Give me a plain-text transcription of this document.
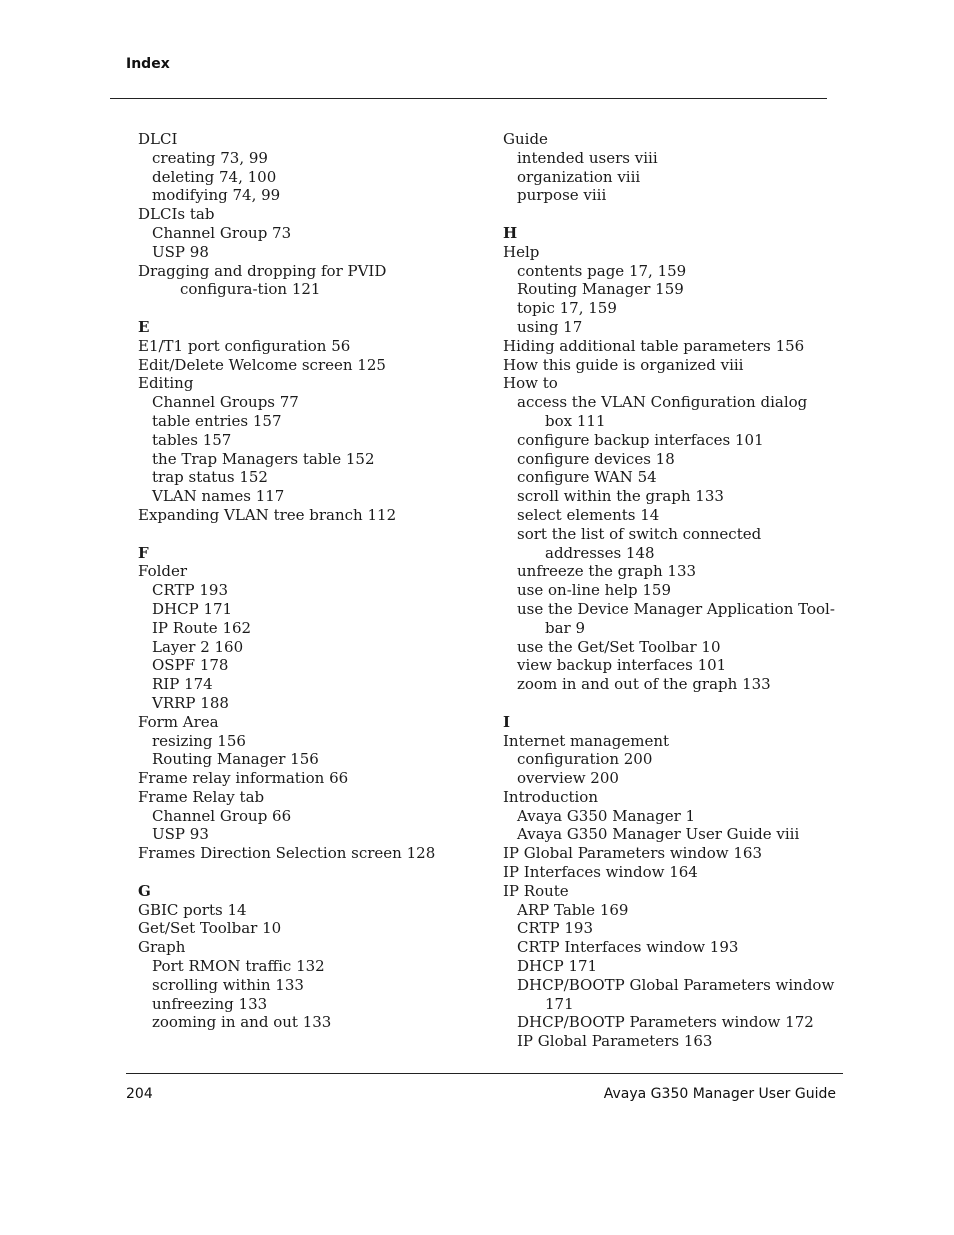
Index

DLCI

creating 73, 99

deleting 74, 100

modifying 74, 99

DLCIs tab

Channel Group 73

USP 98

Dragging and dropping for PVID configura-tion 121

E

E1/T1 port configuration 56

Edit/Delete Welcome screen 125

Editing

Channel Groups 77

table entries 157

tables 157

the Trap Managers table 152

trap status 152

VLAN names 117

Expanding VLAN tree branch 112

F

Folder

CRTP 193

DHCP 171

IP Route 162

Layer 2 160

OSPF 178

RIP 174

VRRP 188

Form Area

resizing 156

Routing Manager 156

Frame relay information 66

Frame Relay tab

Channel Group 66

USP 93

Frames Direction Selection screen 128

G

GBIC ports 14

Get/Set Toolbar 10

Graph

Port RMON traffic 132

scrolling within 133

unfreezing 133

zooming in and out 133

Guide

intended users viii

organization viii

purpose viii

H

Help

contents page 17, 159

Routing Manager 159

topic 17, 159

using 17

Hiding additional table parameters 156

How this guide is organized viii

How to

access the VLAN Configuration dialog box 111

configure backup interfaces 101

configure devices 18

configure WAN 54

scroll within the graph 133

select elements 14

sort the list of switch connected addresses 148

unfreeze the graph 133

use on-line help 159

use the Device Manager Application Tool-bar 9

use the Get/Set Toolbar 10

view backup interfaces 101

zoom in and out of the graph 133

I

Internet management

configuration 200

overview 200

Introduction

Avaya G350 Manager 1

Avaya G350 Manager User Guide viii

IP Global Parameters window 163

IP Interfaces window 164

IP Route

ARP Table 169

CRTP 193

CRTP Interfaces window 193

DHCP 171

DHCP/BOOTP Global Parameters window 171

DHCP/BOOTP Parameters window 172

IP Global Parameters 163

204	Avaya G350 Manager User Guide
